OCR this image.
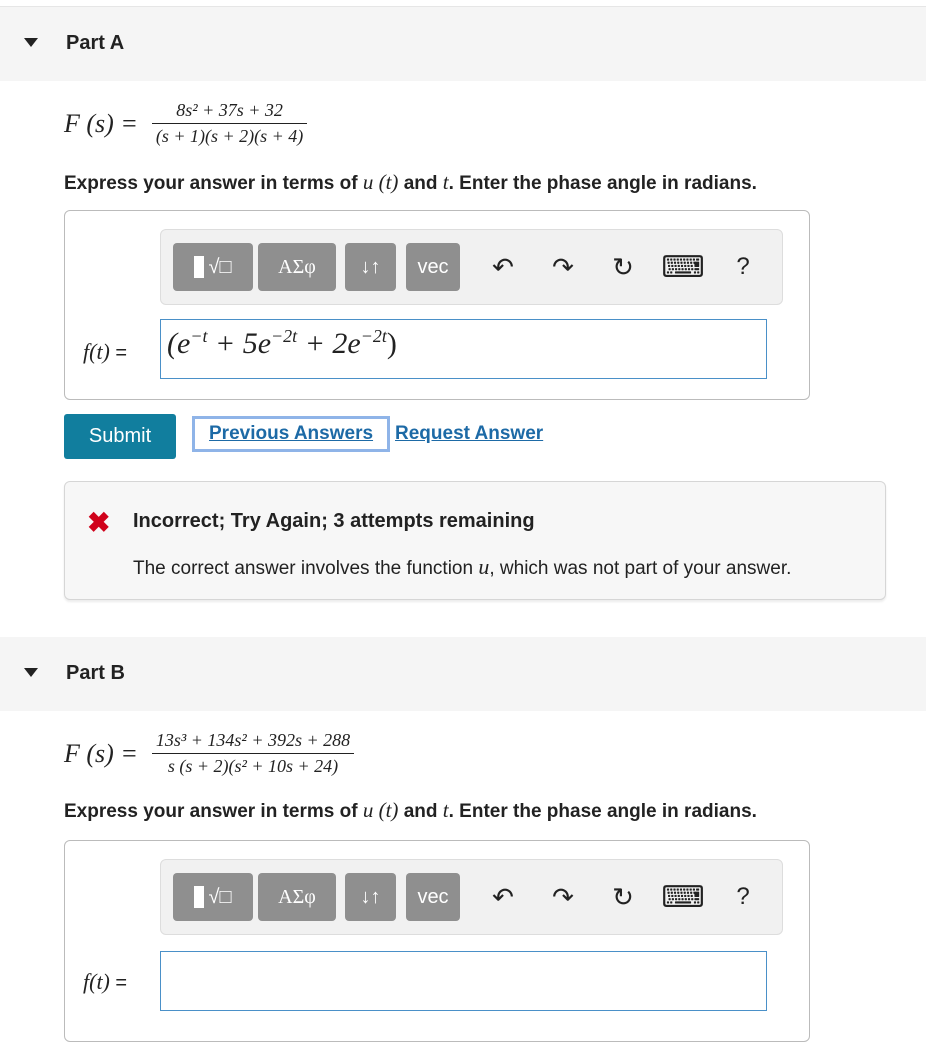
Part A
F $(s) = \frac{\text{8s² + 37s + 32}}{(s + 1)(s + 2)(s + 4)}$
Express your answer in terms of u (t) and t. Enter the phase angle in radians.
√□	ΑΣφ	↓↑	vec	↶ ↷ ↻ ⌨	?
$f(t) = (e^{-t} + 5e^{-2t} + 2e^{-2t})$
Submit	Previous Answers	Request Answer
✖ Incorrect; Try Again; 3 attempts remaining
The correct answer involves the function u, which was not part of your answer.
Part B
F $(s) = \frac{\text{13s³ + 134s² + 392s + 288}}{\text{s (s + 2)(s² + 10s + 24)}}$
Express your answer in terms of u (t) and t. Enter the phase angle in radians.
√□	ΑΣφ	↓↑	vec	↶ ↷ ↻ ⌨	?
f(t) =
